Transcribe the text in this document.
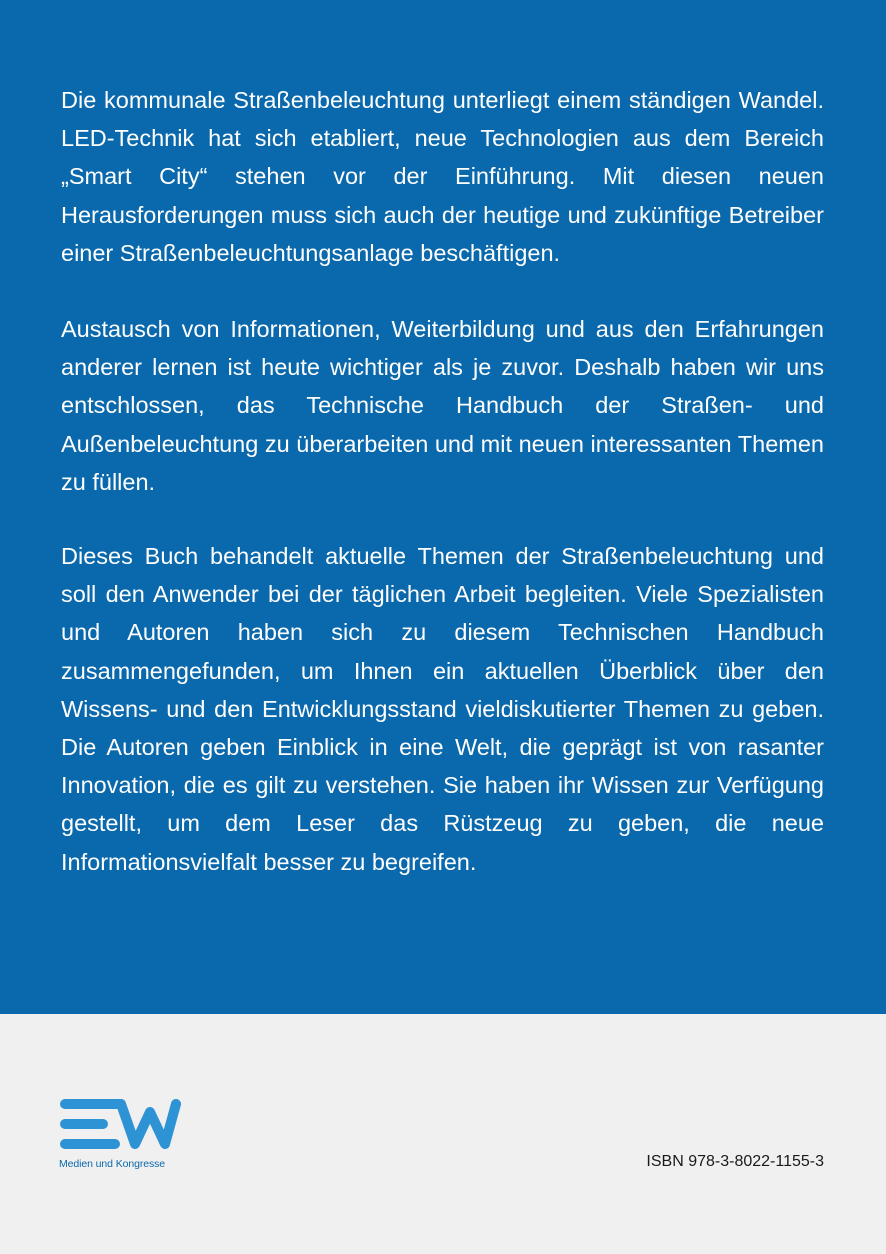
Die kommunale Straßenbeleuchtung unterliegt einem ständigen Wandel. LED-Technik hat sich etabliert, neue Technologien aus dem Bereich „Smart City“ stehen vor der Einführung. Mit diesen neuen Herausforderungen muss sich auch der heutige und zukünftige Betreiber einer Straßenbeleuchtungsanlage beschäftigen.

Austausch von Informationen, Weiterbildung und aus den Erfahrungen anderer lernen ist heute wichtiger als je zuvor. Deshalb haben wir uns entschlossen, das Technische Handbuch der Straßen- und Außenbeleuchtung zu überarbeiten und mit neuen interessanten Themen zu füllen.

Dieses Buch behandelt aktuelle Themen der Straßenbeleuchtung und soll den Anwender bei der täglichen Arbeit begleiten. Viele Spezialisten und Autoren haben sich zu diesem Technischen Handbuch zusammengefunden, um Ihnen ein aktuellen Überblick über den Wissens- und den Entwicklungsstand vieldiskutierter Themen zu geben. Die Autoren geben Einblick in eine Welt, die geprägt ist von rasanter Innovation, die es gilt zu verstehen. Sie haben ihr Wissen zur Verfügung gestellt, um dem Leser das Rüstzeug zu geben, die neue Informationsvielfalt besser zu begreifen.

Medien und Kongresse	ISBN 978-3-8022-1155-3
